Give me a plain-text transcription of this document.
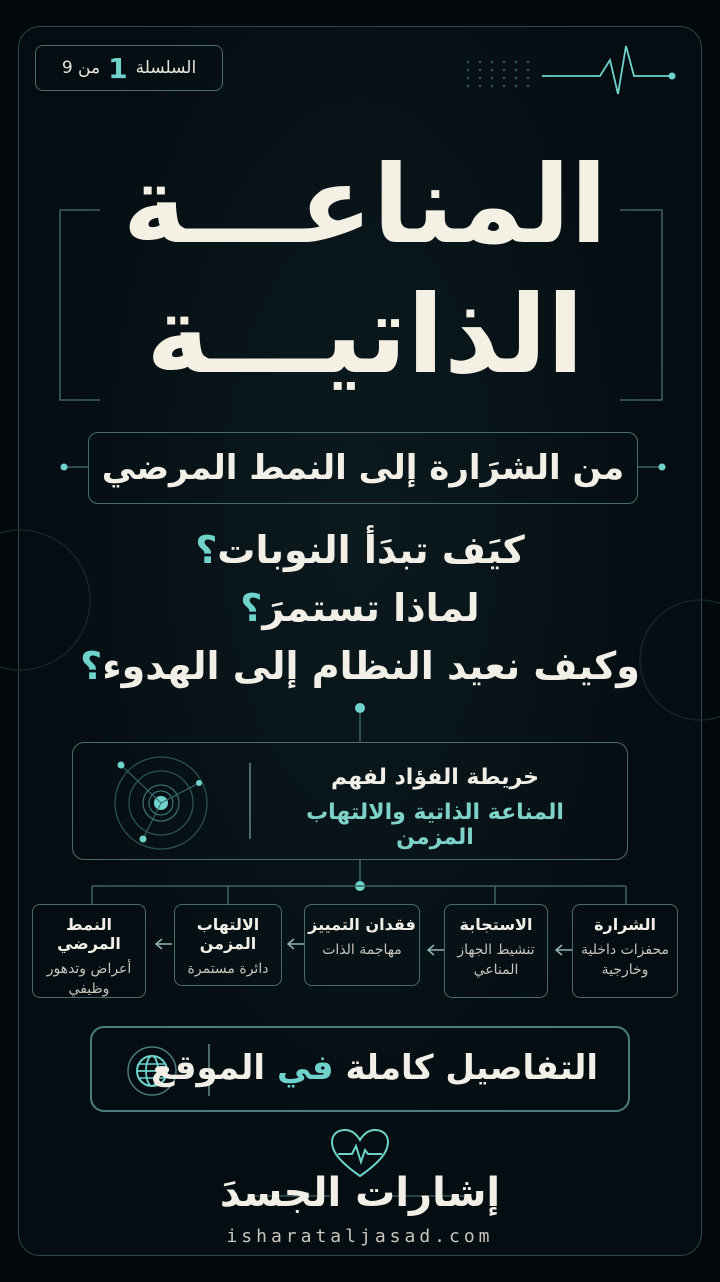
السلسلة
1
من 9
المناعـــة
الذاتيـــة
من الشرَارة إلى النمط المرضي
كيَف تبدَأ النوبات؟
لماذا تستمرَ؟
وكيف نعيد النظام إلى الهدوء؟
خريطة الفؤاد لفهم
المناعة الذاتية والالتهاب المزمن
الشرارة
محفزات داخلية وخارجية
الاستجابة
تنشيط الجهاز المناعي
فقدان التمييز
مهاجمة الذات
الالتهاب المزمن
دائرة مستمرة
النمط المرضي
أعراض وتدهور وظيفي
التفاصيل كاملة في الموقع
إشارات الجسدَ
isharataljasad.com
